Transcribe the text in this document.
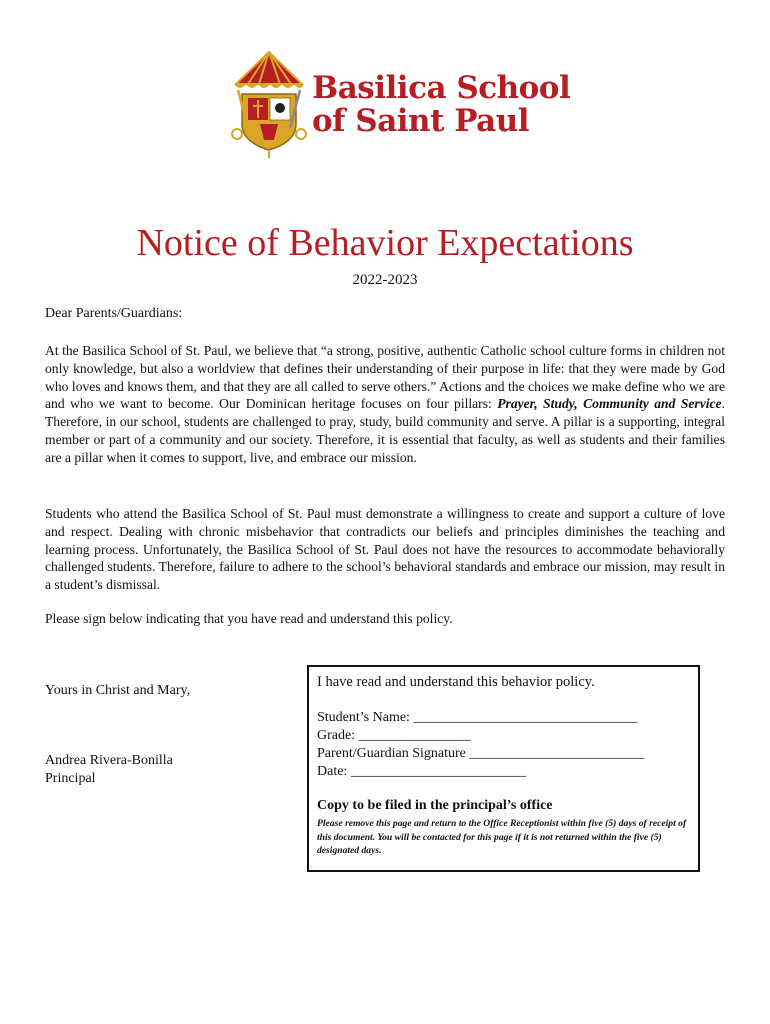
Basilica School
of Saint Paul
Notice of Behavior Expectations
2022-2023
Dear Parents/Guardians:

At the Basilica School of St. Paul, we believe that “a strong, positive, authentic Catholic school culture forms in children not only knowledge, but also a worldview that defines their understanding of their purpose in life: that they were made by God who loves and knows them, and that they are all called to serve others.” Actions and the choices we make define who we are and who we want to become. Our Dominican heritage focuses on four pillars: Prayer, Study, Community and Service. Therefore, in our school, students are challenged to pray, study, build community and serve. A pillar is a supporting, integral member or part of a community and our society. Therefore, it is essential that faculty, as well as students and their families are a pillar when it comes to support, live, and embrace our mission.

Students who attend the Basilica School of St. Paul must demonstrate a willingness to create and support a culture of love and respect. Dealing with chronic misbehavior that contradicts our beliefs and principles diminishes the teaching and learning process. Unfortunately, the Basilica School of St. Paul does not have the resources to accommodate behaviorally challenged students. Therefore, failure to adhere to the school’s behavioral standards and embrace our mission, may result in a student’s dismissal.

Please sign below indicating that you have read and understand this policy.

Yours in Christ and Mary,
Andrea Rivera-Bonilla
Principal
I have read and understand this behavior policy.
Student’s Name: ________________________________
Grade: ________________
Parent/Guardian Signature _________________________
Date: _________________________
Copy to be filed in the principal’s office
Please remove this page and return to the Office Receptionist within five (5) days of receipt of this document. You will be contacted for this page if it is not returned within the five (5) designated days.
